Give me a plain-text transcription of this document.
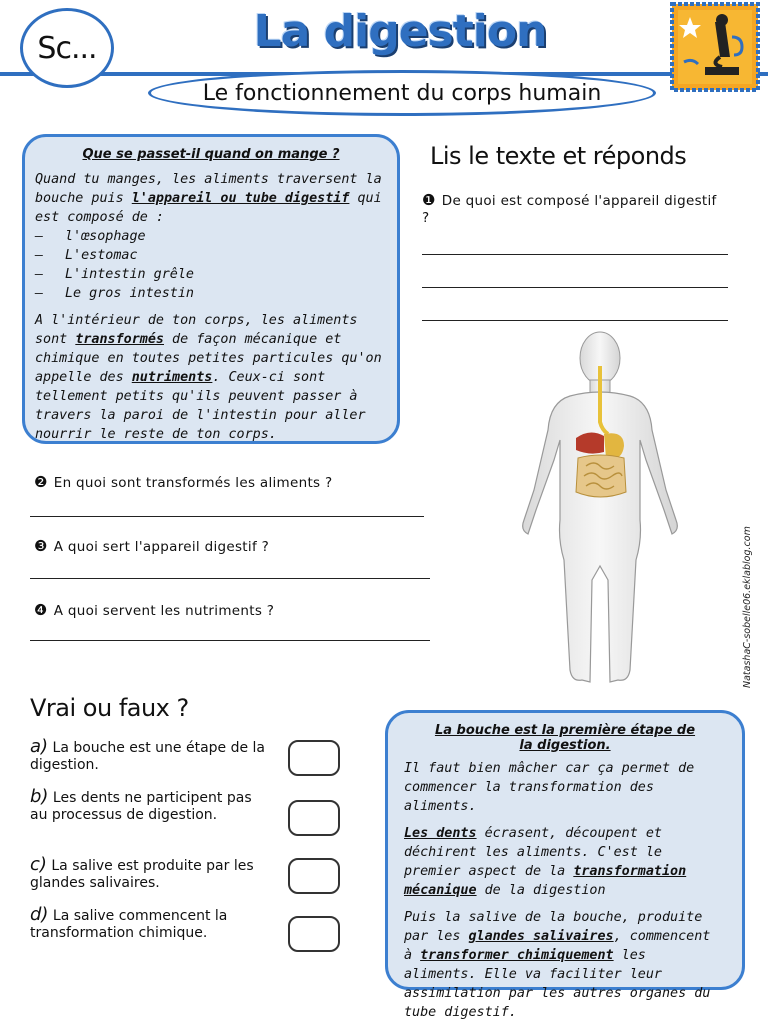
Sc...	La digestion
Le fonctionnement du corps humain

Que se passet-il quand on mange ?

Quand tu manges, les aliments traversent la bouche puis l'appareil ou tube digestif qui est composé de :

– l'œsophage
– L'estomac
– L'intestin grêle
– Le gros intestin

A l'intérieur de ton corps, les aliments sont transformés de façon mécanique et chimique en toutes petites particules qu'on appelle des nutriments. Ceux-ci sont tellement petits qu'ils peuvent passer à travers la paroi de l'intestin pour aller nourrir le reste de ton corps.

Lis le texte et réponds
❶ De quoi est composé l'appareil digestif ?
NatashaC-sobelle06.eklablog.com
❷ En quoi sont transformés les aliments ?
❸ A quoi sert l'appareil digestif ?
❹ A quoi servent les nutriments ?
Vrai ou faux ?
a) La bouche est une étape de la digestion.
b) Les dents ne participent pas au processus de digestion.
c) La salive est produite par les glandes salivaires.
d) La salive commencent la transformation chimique.

La bouche est la première étape de
la digestion.

Il faut bien mâcher car ça permet de commencer la transformation des aliments.

Les dents écrasent, découpent et déchirent les aliments. C'est le premier aspect de la transformation mécanique de la digestion

Puis la salive de la bouche, produite par les glandes salivaires, commencent à transformer chimiquement les aliments. Elle va faciliter leur assimilation par les autres organes du tube digestif.
